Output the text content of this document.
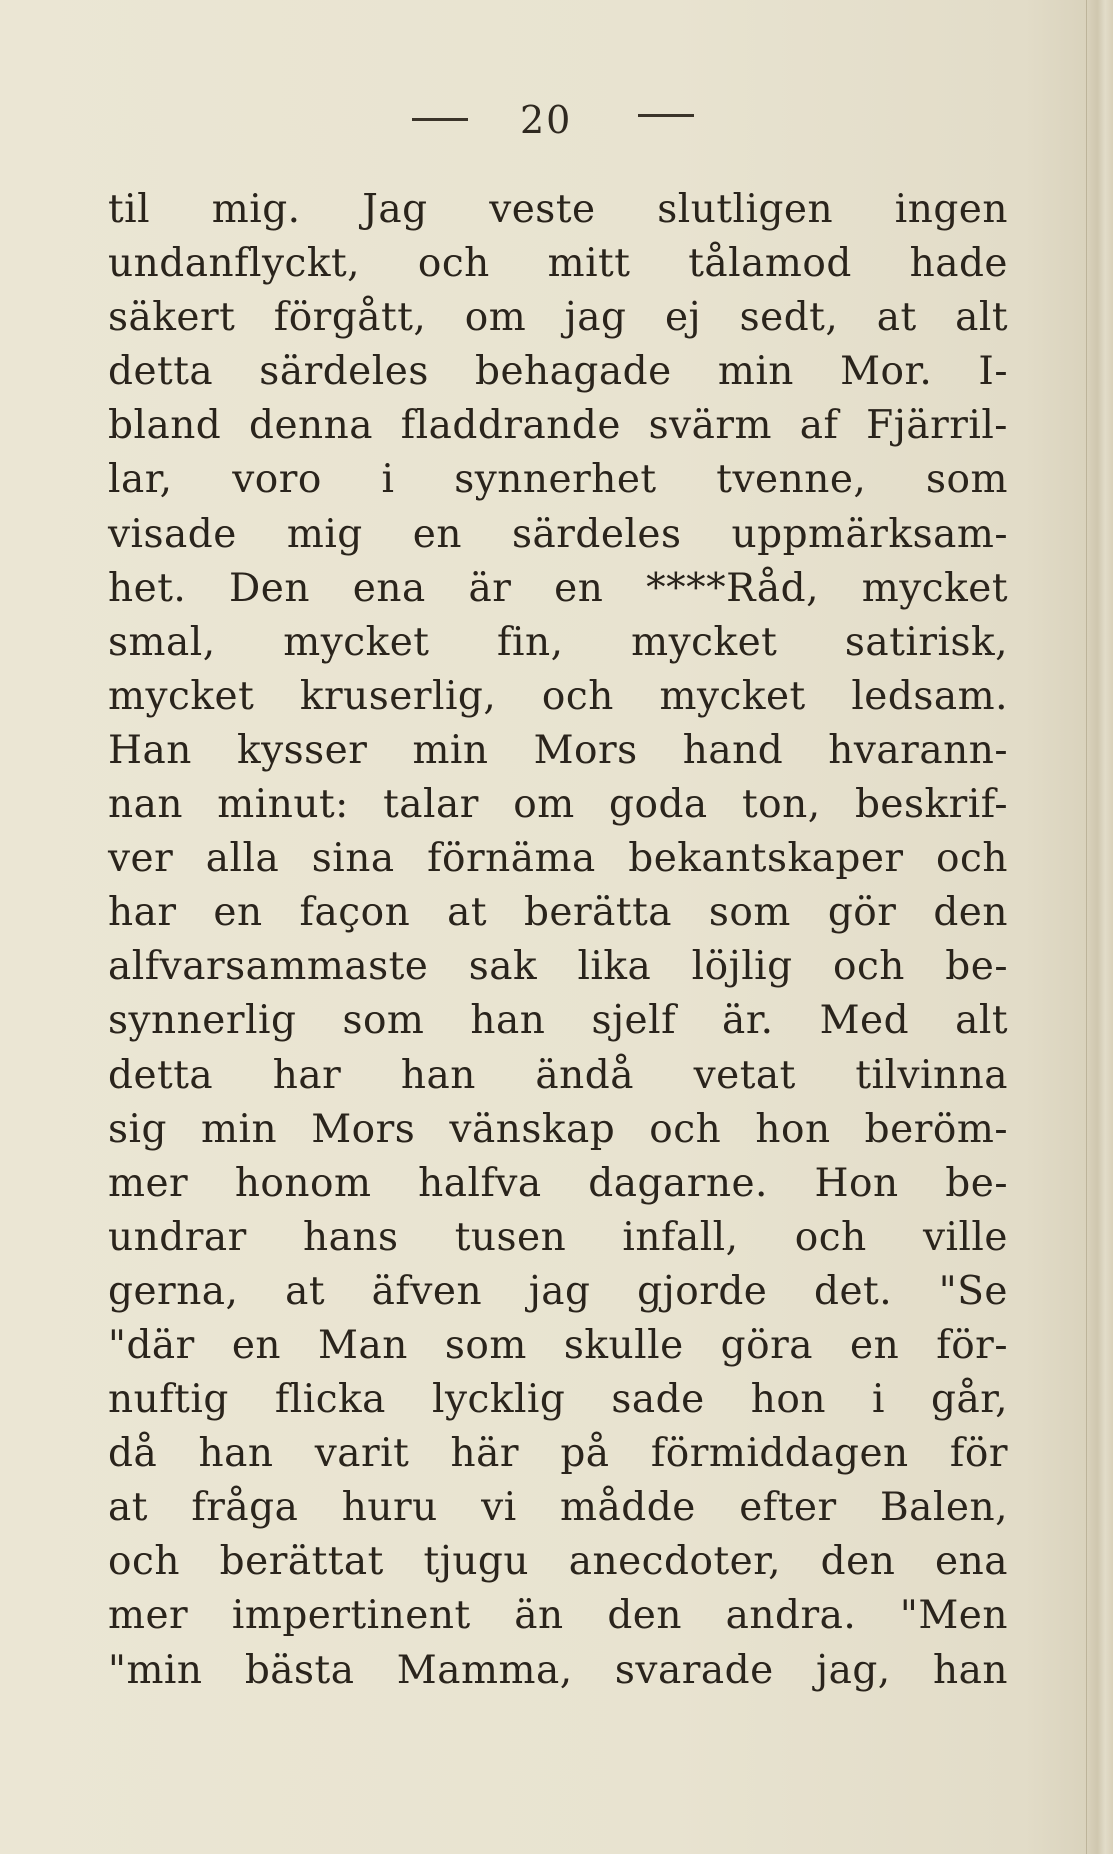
20
til mig. Jag veste slutligen ingen
undanflyckt, och mitt tålamod hade
säkert förgått, om jag ej sedt, at alt
detta särdeles behagade min Mor. I-
bland denna fladdrande svärm af Fjärril-
lar, voro i synnerhet tvenne, som
visade mig en särdeles uppmärksam-
het. Den ena är en ****Råd, mycket
smal, mycket fin, mycket satirisk,
mycket kruserlig, och mycket ledsam.
Han kysser min Mors hand hvarann-
nan minut: talar om goda ton, beskrif-
ver alla sina förnäma bekantskaper och
har en façon at berätta som gör den
alfvarsammaste sak lika löjlig och be-
synnerlig som han sjelf är. Med alt
detta har han ändå vetat tilvinna
sig min Mors vänskap och hon beröm-
mer honom halfva dagarne. Hon be-
undrar hans tusen infall, och ville
gerna, at äfven jag gjorde det. "Se
"där en Man som skulle göra en för-
nuftig flicka lycklig sade hon i går,
då han varit här på förmiddagen för
at fråga huru vi mådde efter Balen,
och berättat tjugu anecdoter, den ena
mer impertinent än den andra. "Men
"min bästa Mamma, svarade jag, han
